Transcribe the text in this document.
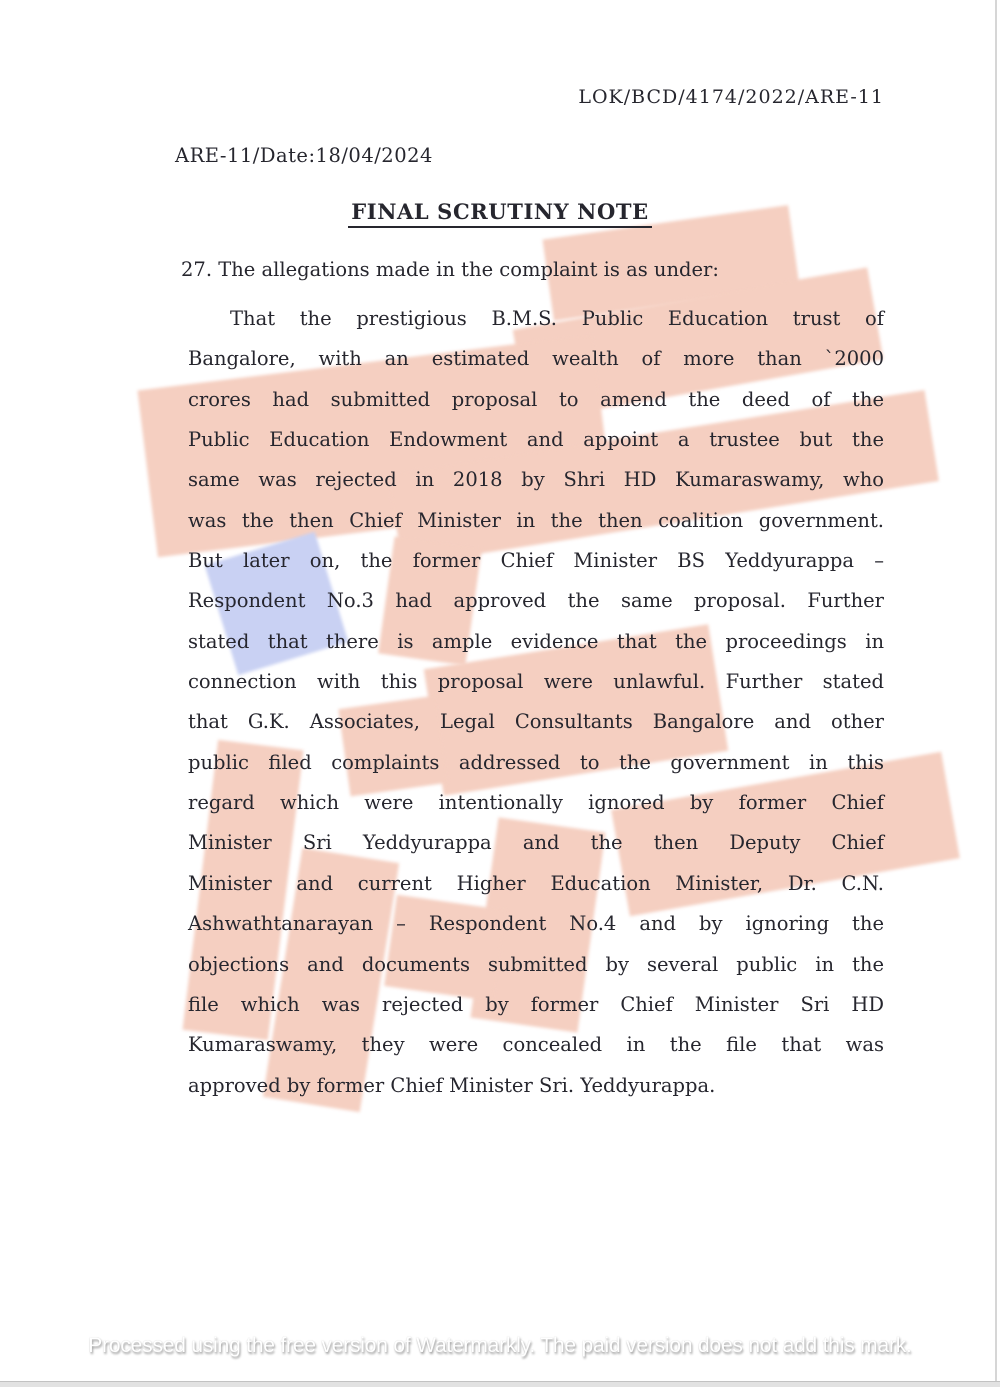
LOK/BCD/4174/2022/ARE-11
ARE-11/Date:18/04/2024
FINAL SCRUTINY NOTE
27. The allegations made in the complaint is as under:
That the prestigious B.M.S. Public Education trust of
Bangalore, with an estimated wealth of more than `2000
crores had submitted proposal to amend the deed of the
Public Education Endowment and appoint a trustee but the
same was rejected in 2018 by Shri HD Kumaraswamy, who
was the then Chief Minister in the then coalition government.
But later on, the former Chief Minister BS Yeddyurappa –
Respondent No.3 had approved the same proposal. Further
stated that there is ample evidence that the proceedings in
connection with this proposal were unlawful. Further stated
that G.K. Associates, Legal Consultants Bangalore and other
public filed complaints addressed to the government in this
regard which were intentionally ignored by former Chief
Minister Sri Yeddyurappa and the then Deputy Chief
Minister and current Higher Education Minister, Dr. C.N.
Ashwathtanarayan – Respondent No.4 and by ignoring the
objections and documents submitted by several public in the
file which was rejected by former Chief Minister Sri HD
Kumaraswamy, they were concealed in the file that was
approved by former Chief Minister Sri. Yeddyurappa.
Processed using the free version of Watermarkly. The paid version does not add this mark.
